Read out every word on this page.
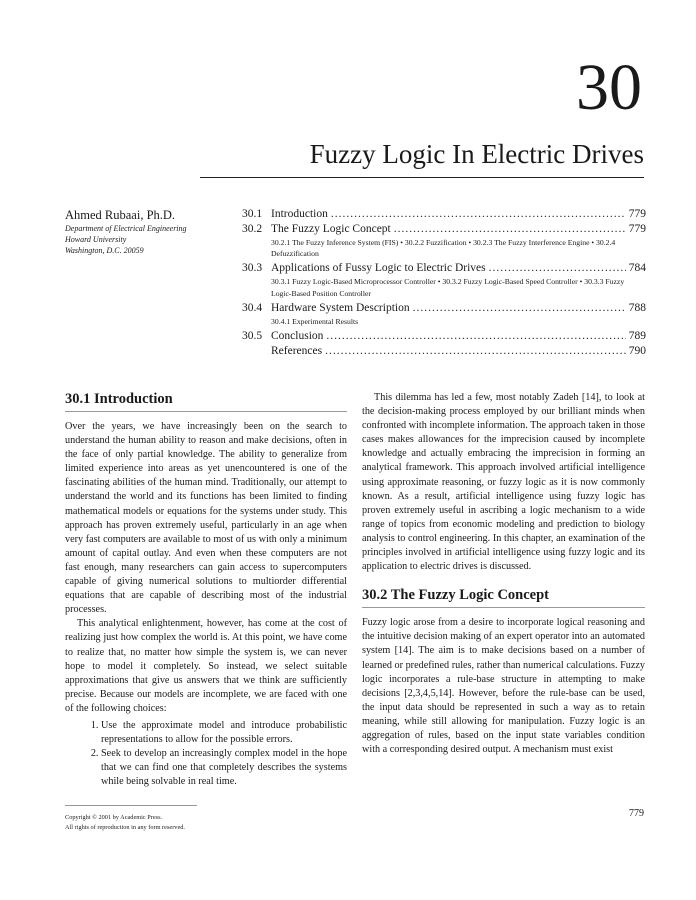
30
Fuzzy Logic In Electric Drives
Ahmed Rubaai, Ph.D.
Department of Electrical Engineering
Howard University
Washington, D.C. 20059
30.1 Introduction .....	779
30.2 The Fuzzy Logic Concept .....	779
30.2.1 The Fuzzy Inference System (FIS) • 30.2.2 Fuzzification • 30.2.3 The Fuzzy Interference Engine • 30.2.4 Defuzzification
30.3 Applications of Fussy Logic to Electric Drives .....	784
30.3.1 Fuzzy Logic-Based Microprocessor Controller • 30.3.2 Fuzzy Logic-Based Speed Controller • 30.3.3 Fuzzy Logic-Based Position Controller
30.4 Hardware System Description .....	788
30.4.1 Experimental Results
30.5 Conclusion .....	789
References .....	790
30.1 Introduction

Over the years, we have increasingly been on the search to understand the human ability to reason and make decisions, often in the face of only partial knowledge. The ability to generalize from limited experience into areas as yet unencountered is one of the fascinating abilities of the human mind. Traditionally, our attempt to understand the world and its functions has been limited to finding mathematical models or equations for the systems under study. This approach has proven extremely useful, particularly in an age when very fast computers are available to most of us with only a minimum amount of capital outlay. And even when these computers are not fast enough, many researchers can gain access to supercomputers capable of giving numerical solutions to multiorder differential equations that are capable of describing most of the industrial processes.

This analytical enlightenment, however, has come at the cost of realizing just how complex the world is. At this point, we have come to realize that, no matter how simple the system is, we can never hope to model it completely. So instead, we select suitable approximations that give us answers that we think are sufficiently precise. Because our models are incomplete, we are faced with one of the following choices:

1. Use the approximate model and introduce probabilistic representations to allow for the possible errors.
2. Seek to develop an increasingly complex model in the hope that we can find one that completely describes the systems while being solvable in real time.

This dilemma has led a few, most notably Zadeh [14], to look at the decision-making process employed by our brilliant minds when confronted with incomplete information. The approach taken in those cases makes allowances for the imprecision caused by incomplete knowledge and actually embracing the imprecision in forming an analytical framework. This approach involved artificial intelligence using approximate reasoning, or fuzzy logic as it is now commonly known. As a result, artificial intelligence using fuzzy logic has proven extremely useful in ascribing a logic mechanism to a wide range of topics from economic modeling and prediction to biology analysis to control engineering. In this chapter, an examination of the principles involved in artificial intelligence using fuzzy logic and its application to electric drives is discussed.

30.2 The Fuzzy Logic Concept

Fuzzy logic arose from a desire to incorporate logical reasoning and the intuitive decision making of an expert operator into an automated system [14]. The aim is to make decisions based on a number of learned or predefined rules, rather than numerical calculations. Fuzzy logic incorporates a rule-base structure in attempting to make decisions [2,3,4,5,14]. However, before the rule-base can be used, the input data should be represented in such a way as to retain meaning, while still allowing for manipulation. Fuzzy logic is an aggregation of rules, based on the input state variables condition with a corresponding desired output. A mechanism must exist

Copyright © 2001 by Academic Press.
All rights of reproduction in any form reserved.
779
